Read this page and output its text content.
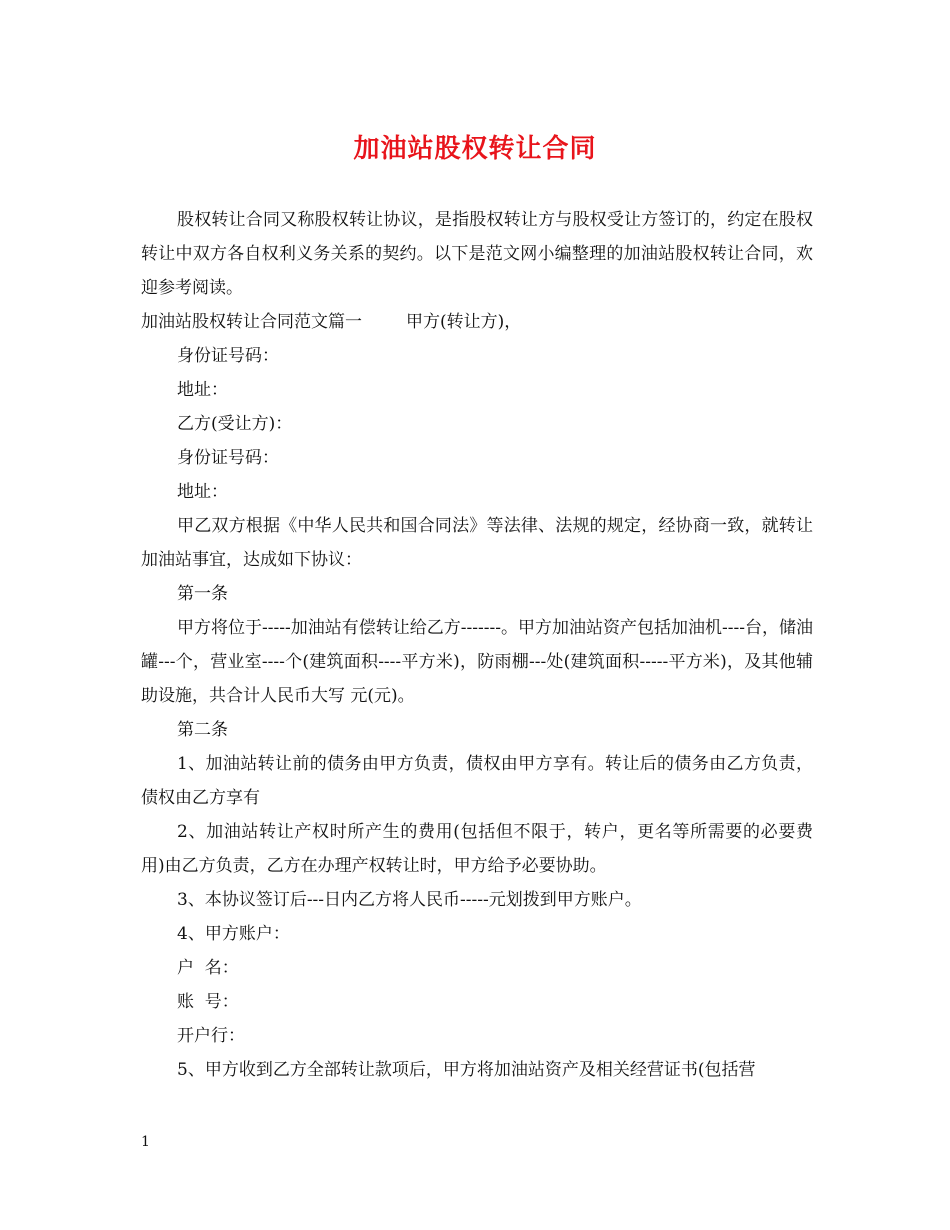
加油站股权转让合同

股权转让合同又称股权转让协议，是指股权转让方与股权受让方签订的，约定在股权转让中双方各自权利义务关系的契约。以下是范文网小编整理的加油站股权转让合同，欢迎参考阅读。

加油站股权转让合同范文篇一	甲方(转让方)，

身份证号码：

地址：

乙方(受让方)：

身份证号码：

地址：

甲乙双方根据《中华人民共和国合同法》等法律、法规的规定，经协商一致，就转让加油站事宜，达成如下协议：

第一条

甲方将位于-----加油站有偿转让给乙方-------。甲方加油站资产包括加油机----台，储油罐---个，营业室----个(建筑面积----平方米)，防雨棚---处(建筑面积-----平方米)，及其他辅助设施，共合计人民币大写 元(元)。

第二条

1、加油站转让前的债务由甲方负责，债权由甲方享有。转让后的债务由乙方负责，债权由乙方享有

2、加油站转让产权时所产生的费用(包括但不限于，转户，更名等所需要的必要费用)由乙方负责，乙方在办理产权转让时，甲方给予必要协助。

3、本协议签订后---日内乙方将人民币-----元划拨到甲方账户。

4、甲方账户：

户  名：

账  号：

开户行：

5、甲方收到乙方全部转让款项后，甲方将加油站资产及相关经营证书(包括营

1
